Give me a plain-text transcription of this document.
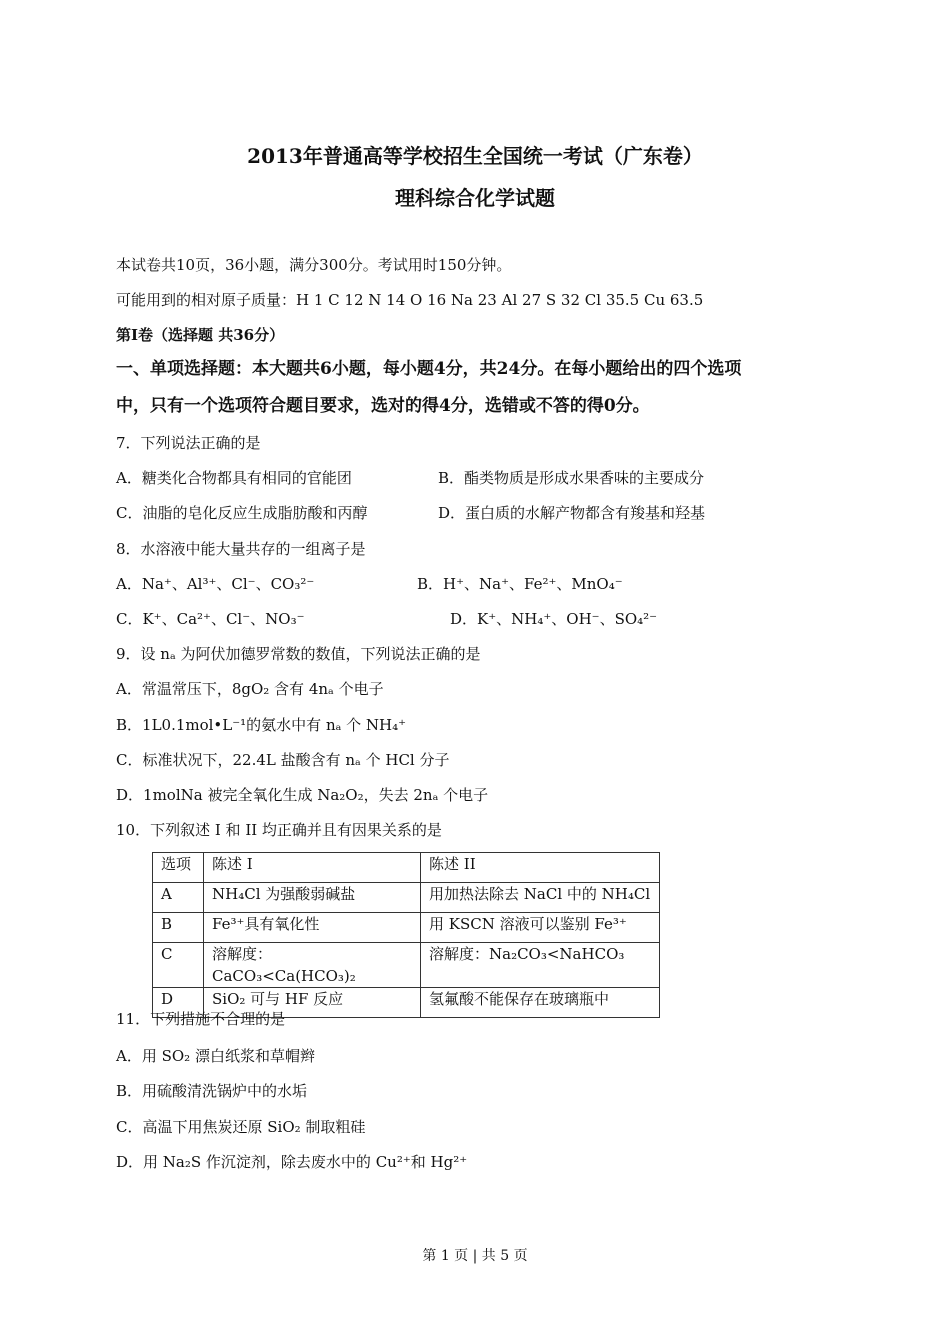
2013年普通高等学校招生全国统一考试（广东卷）
理科综合化学试题
本试卷共10页，36小题，满分300分。考试用时150分钟。
可能用到的相对原子质量：H 1 C 12 N 14 O 16 Na 23 Al 27 S 32 Cl 35.5 Cu 63.5
第I卷（选择题 共36分）
一、单项选择题：本大题共6小题，每小题4分，共24分。在每小题给出的四个选项
中，只有一个选项符合题目要求，选对的得4分，选错或不答的得0分。
7．下列说法正确的是
A．糖类化合物都具有相同的官能团	B．酯类物质是形成水果香味的主要成分
C．油脂的皂化反应生成脂肪酸和丙醇	D．蛋白质的水解产物都含有羧基和羟基
8．水溶液中能大量共存的一组离子是
A．Na⁺、Al³⁺、Cl⁻、CO₃²⁻	B．H⁺、Na⁺、Fe²⁺、MnO₄⁻
C．K⁺、Ca²⁺、Cl⁻、NO₃⁻	D．K⁺、NH₄⁺、OH⁻、SO₄²⁻
9．设 nₐ 为阿伏加德罗常数的数值，下列说法正确的是
A．常温常压下，8gO₂ 含有 4nₐ 个电子
B．1L0.1mol•L⁻¹的氨水中有 nₐ 个 NH₄⁺
C．标准状况下，22.4L 盐酸含有 nₐ 个 HCl 分子
D．1molNa 被完全氧化生成 Na₂O₂，失去 2nₐ 个电子
10．下列叙述 I 和 II 均正确并且有因果关系的是
选项	陈述 I	陈述 II
A	NH₄Cl 为强酸弱碱盐	用加热法除去 NaCl 中的 NH₄Cl
B	Fe³⁺具有氧化性	用 KSCN 溶液可以鉴别 Fe³⁺
C	溶解度：CaCO₃<Ca(HCO₃)₂	溶解度：Na₂CO₃<NaHCO₃
D	SiO₂ 可与 HF 反应	氢氟酸不能保存在玻璃瓶中
11．下列措施不合理的是
A．用 SO₂ 漂白纸浆和草帽辫
B．用硫酸清洗锅炉中的水垢
C．高温下用焦炭还原 SiO₂ 制取粗硅
D．用 Na₂S 作沉淀剂，除去废水中的 Cu²⁺和 Hg²⁺
第 1 页 | 共 5 页
